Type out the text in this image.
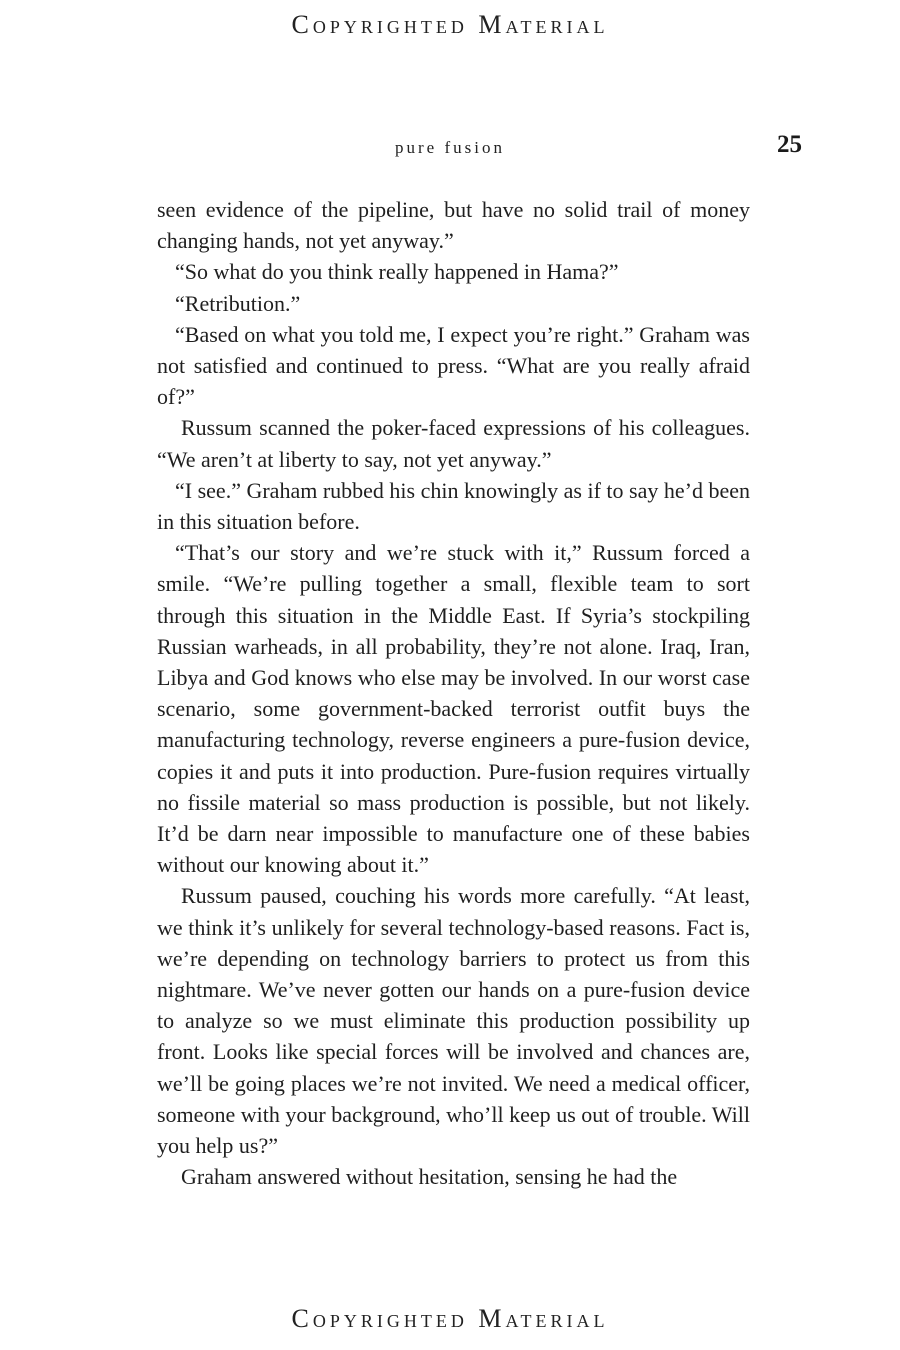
Copyrighted Material
pure fusion	25

seen evidence of the pipeline, but have no solid trail of money changing hands, not yet anyway.”

“So what do you think really happened in Hama?”

“Retribution.”

“Based on what you told me, I expect you’re right.” Graham was not satisfied and continued to press. “What are you really afraid of?”

Russum scanned the poker-faced expressions of his colleagues. “We aren’t at liberty to say, not yet anyway.”

“I see.” Graham rubbed his chin knowingly as if to say he’d been in this situation before.

“That’s our story and we’re stuck with it,” Russum forced a smile. “We’re pulling together a small, flexible team to sort through this situation in the Middle East. If Syria’s stockpiling Russian warheads, in all probability, they’re not alone. Iraq, Iran, Libya and God knows who else may be involved. In our worst case scenario, some government-backed terrorist outfit buys the manufacturing technology, reverse engineers a pure-fusion device, copies it and puts it into production. Pure-fusion requires virtually no fissile material so mass production is possible, but not likely. It’d be darn near impossible to manufacture one of these babies without our knowing about it.”

Russum paused, couching his words more carefully. “At least, we think it’s unlikely for several technology-based reasons. Fact is, we’re depending on technology barriers to protect us from this nightmare. We’ve never gotten our hands on a pure-fusion device to analyze so we must eliminate this production possibility up front. Looks like special forces will be involved and chances are, we’ll be going places we’re not invited. We need a medical officer, someone with your background, who’ll keep us out of trouble. Will you help us?”

Graham answered without hesitation, sensing he had the

Copyrighted Material
